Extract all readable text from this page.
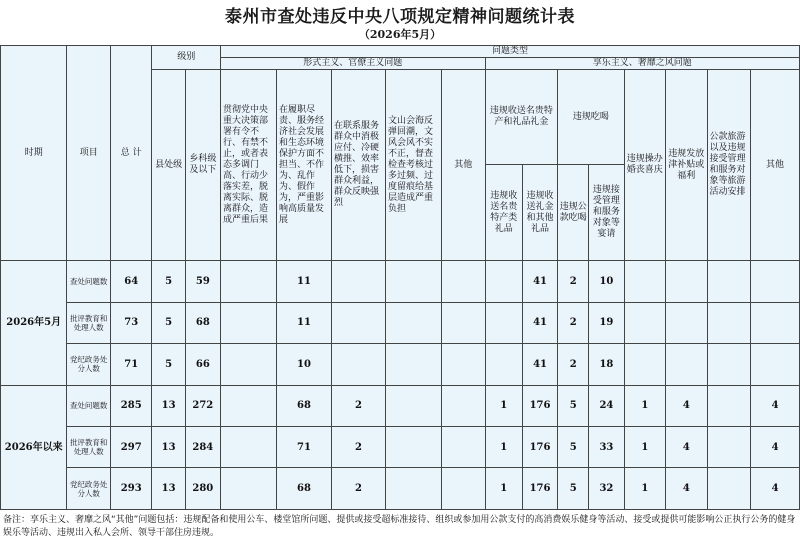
泰州市查处违反中央八项规定精神问题统计表
（2026年5月）
时期	项目	总 计	级别		问题类型												
					形式主义、官僚主义问题					享乐主义、奢靡之风问题							
			县处级	乡科级及以下	贯彻党中央重大决策部署有令不行、有禁不止，或者表态多调门高、行动少落实差，脱离实际、脱离群众，造成严重后果	在履职尽责、服务经济社会发展和生态环境保护方面不担当、不作为、乱作为、假作为，严重影响高质量发展	在联系服务群众中消极应付、冷硬横推、效率低下，损害群众利益，群众反映强烈	文山会海反弹回潮，文风会风不实不正，督查检查考核过多过频、过度留痕给基层造成严重负担	其他	违规收送名贵特产和礼品礼金		违规吃喝		违规操办婚丧喜庆	违规发放津补贴或福利	公款旅游以及违规接受管理和服务对象等旅游活动安排	其他
										违规收送名贵特产类礼品	违规收送礼金和其他礼品	违规公款吃喝	违规接受管理和服务对象等宴请				
2026年5月	查处问题数	64	5	59		11					41	2	10				
	批评教育和处理人数	73	5	68		11					41	2	19				
	党纪政务处分人数	71	5	66		10					41	2	18				
2026年以来	查处问题数	285	13	272		68	2			1	176	5	24	1	4		4
	批评教育和处理人数	297	13	284		71	2			1	176	5	33	1	4		4
	党纪政务处分人数	293	13	280		68	2			1	176	5	32	1	4		4
备注：享乐主义、奢靡之风“其他”问题包括：违规配备和使用公车、楼堂馆所问题、提供或接受超标准接待、组织或参加用公款支付的高消费娱乐健身等活动、接受或提供可能影响公正执行公务的健身娱乐等活动、违规出入私人会所、领导干部住房违规。
